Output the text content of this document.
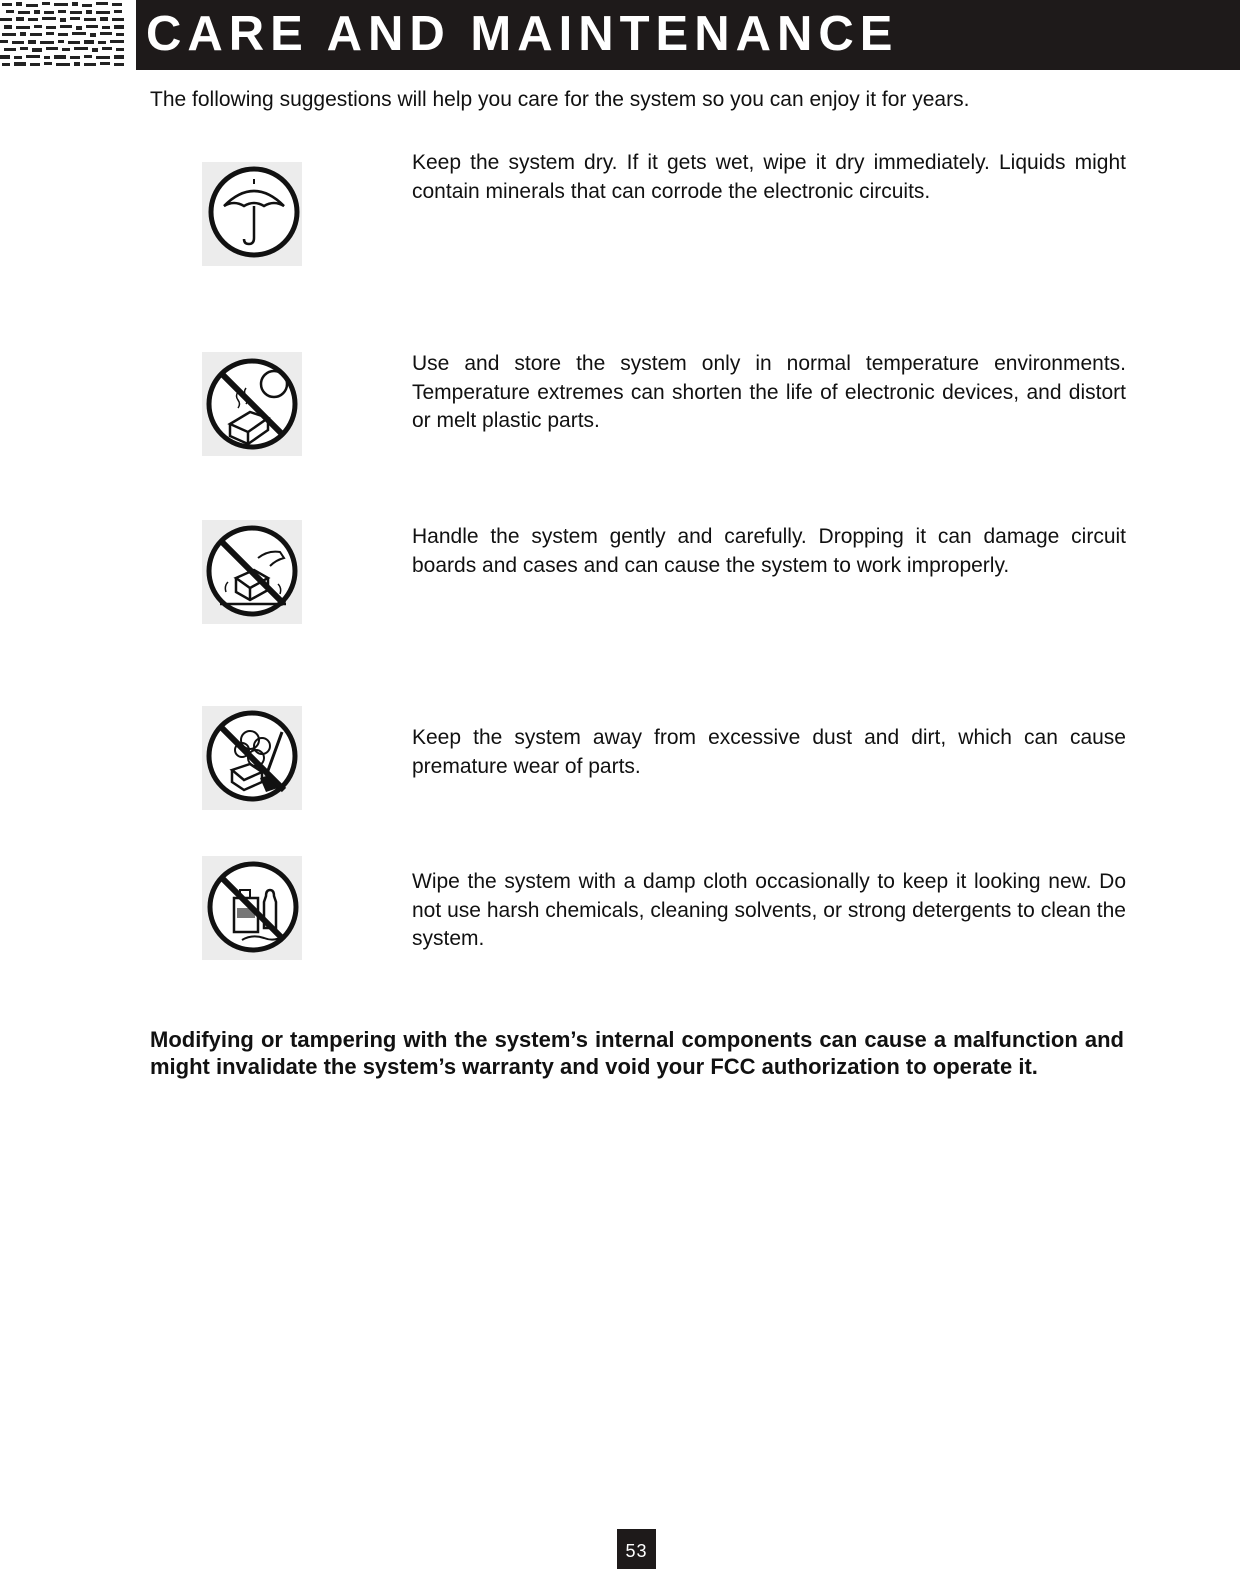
CARE AND MAINTENANCE
The following suggestions will help you care for the system so you can enjoy it for years.
Keep the system dry. If it gets wet, wipe it dry immediately. Liquids might contain minerals that can corrode the electronic circuits.
Use and store the system only in normal temperature environments. Temperature extremes can shorten the life of electronic devices, and distort or melt plastic parts.
Handle the system gently and carefully. Dropping it can damage circuit boards and cases and can cause the system to work improperly.
Keep the system away from excessive dust and dirt, which can cause premature wear of parts.
Wipe the system with a damp cloth occasionally to keep it looking new. Do not use harsh chemicals, cleaning solvents, or strong detergents to clean the system.
Modifying or tampering with the system’s internal components can cause a malfunction and might invalidate the system’s warranty and void your FCC authorization to operate it.
53
